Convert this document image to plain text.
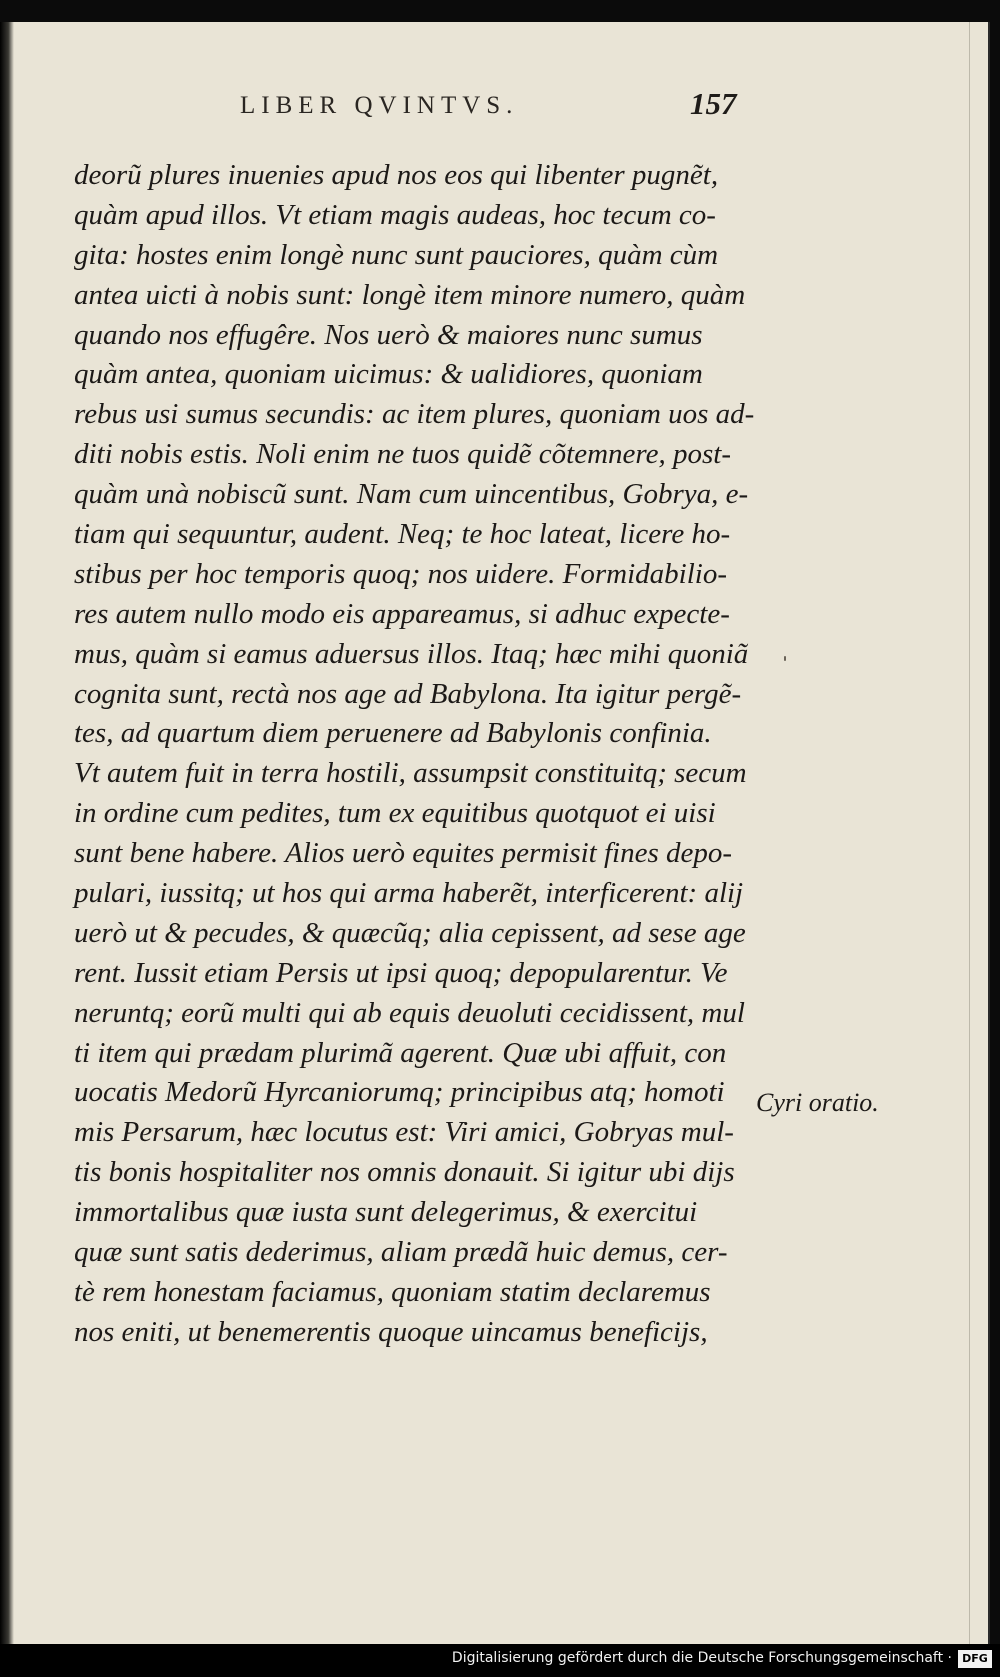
LIBER QVINTVS.	157
deorũ plures inuenies apud nos eos qui libenter pugnẽt,
quàm apud illos. Vt etiam magis audeas, hoc tecum co-
gita: hostes enim longè nunc sunt pauciores, quàm cùm
antea uicti à nobis sunt: longè item minore numero, quàm
quando nos effugêre. Nos uerò & maiores nunc sumus
quàm antea, quoniam uicimus: & ualidiores, quoniam
rebus usi sumus secundis: ac item plures, quoniam uos ad-
diti nobis estis. Noli enim ne tuos quidẽ cõtemnere, post-
quàm unà nobiscũ sunt. Nam cum uincentibus, Gobrya, e-
tiam qui sequuntur, audent. Neq; te hoc lateat, licere ho-
stibus per hoc temporis quoq; nos uidere. Formidabilio-
res autem nullo modo eis appareamus, si adhuc expecte-
mus, quàm si eamus aduersus illos. Itaq; hæc mihi quoniã
cognita sunt, rectà nos age ad Babylona. Ita igitur pergẽ-
tes, ad quartum diem peruenere ad Babylonis confinia.
Vt autem fuit in terra hostili, assumpsit constituitq; secum
in ordine cum pedites, tum ex equitibus quotquot ei uisi
sunt bene habere. Alios uerò equites permisit fines depo-
pulari, iussitq; ut hos qui arma haberẽt, interficerent: alij
uerò ut & pecudes, & quæcũq; alia cepissent, ad sese age
rent. Iussit etiam Persis ut ipsi quoq; depopularentur. Ve
neruntq; eorũ multi qui ab equis deuoluti cecidissent, mul
ti item qui prædam plurimã agerent. Quæ ubi affuit, con
uocatis Medorũ Hyrcaniorumq; principibus atq; homoti
mis Persarum, hæc locutus est: Viri amici, Gobryas mul-
tis bonis hospitaliter nos omnis donauit. Si igitur ubi dijs
immortalibus quæ iusta sunt delegerimus, & exercitui
quæ sunt satis dederimus, aliam prædã huic demus, cer-
tè rem honestam faciamus, quoniam statim declaremus
nos eniti, ut benemerentis quoque uincamus beneficijs,
Cyri oratio.
Digitalisierung gefördert durch die Deutsche Forschungsgemeinschaft · DFG
